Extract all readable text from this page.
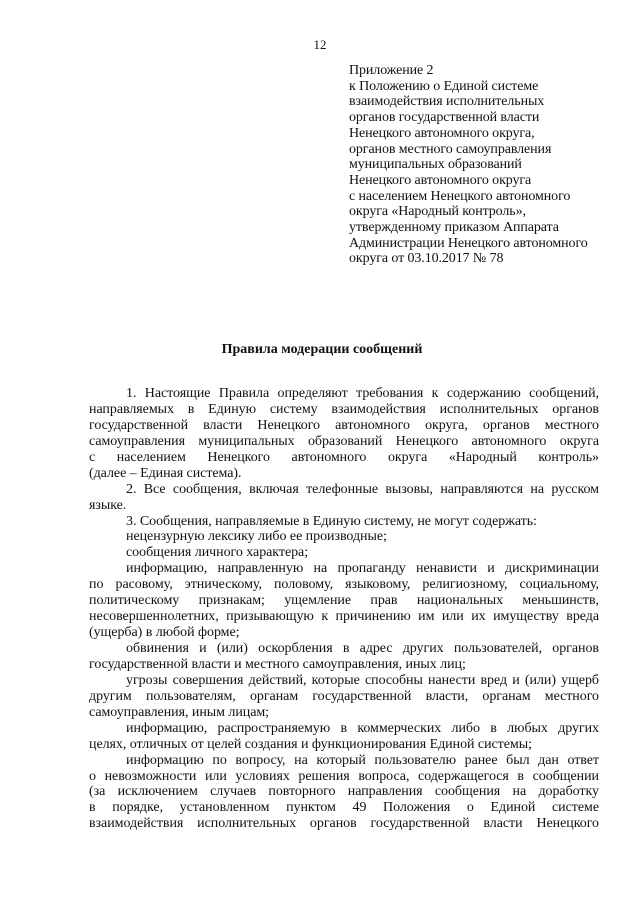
12
Приложение 2
к Положению о Единой системе
взаимодействия исполнительных
органов государственной власти
Ненецкого автономного округа,
органов местного самоуправления
муниципальных образований
Ненецкого автономного округа
с населением Ненецкого автономного
округа «Народный контроль»,
утвержденному приказом Аппарата
Администрации Ненецкого автономного
округа от 03.10.2017 № 78
Правила модерации сообщений
1. Настоящие Правила определяют требования к содержанию сообщений,
направляемых в Единую систему взаимодействия исполнительных органов
государственной власти Ненецкого автономного округа, органов местного
самоуправления муниципальных образований Ненецкого автономного округа
с населением Ненецкого автономного округа «Народный контроль»
(далее – Единая система).
2. Все сообщения, включая телефонные вызовы, направляются на русском
языке.
3. Сообщения, направляемые в Единую систему, не могут содержать:
нецензурную лексику либо ее производные;
сообщения личного характера;
информацию, направленную на пропаганду ненависти и дискриминации
по расовому, этническому, половому, языковому, религиозному, социальному,
политическому признакам; ущемление прав национальных меньшинств,
несовершеннолетних, призывающую к причинению им или их имуществу вреда
(ущерба) в любой форме;
обвинения и (или) оскорбления в адрес других пользователей, органов
государственной власти и местного самоуправления, иных лиц;
угрозы совершения действий, которые способны нанести вред и (или) ущерб
другим пользователям, органам государственной власти, органам местного
самоуправления, иным лицам;
информацию, распространяемую в коммерческих либо в любых других
целях, отличных от целей создания и функционирования Единой системы;
информацию по вопросу, на который пользователю ранее был дан ответ
о невозможности или условиях решения вопроса, содержащегося в сообщении
(за исключением случаев повторного направления сообщения на доработку
в порядке, установленном пунктом 49 Положения о Единой системе
взаимодействия исполнительных органов государственной власти Ненецкого
